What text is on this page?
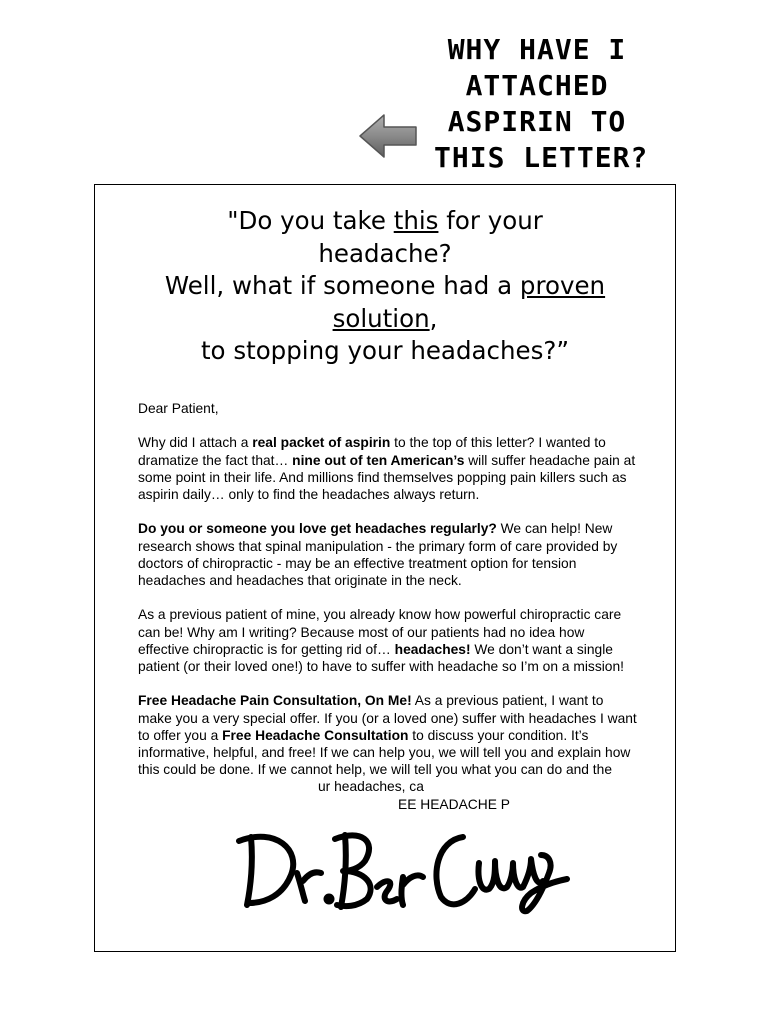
WHY HAVE I
ATTACHED
ASPIRIN TO
THIS LETTER?
"Do you take this for your
headache?
Well, what if someone had a proven
solution,
to stopping your headaches?”

Dear Patient,

Why did I attach a real packet of aspirin to the top of this letter? I wanted to dramatize the fact that… nine out of ten American’s will suffer headache pain at some point in their life. And millions find themselves popping pain killers such as aspirin daily… only to find the headaches always return.

Do you or someone you love get headaches regularly? We can help! New research shows that spinal manipulation - the primary form of care provided by doctors of chiropractic - may be an effective treatment option for tension headaches and headaches that originate in the neck.

As a previous patient of mine, you already know how powerful chiropractic care can be! Why am I writing? Because most of our patients had no idea how effective chiropractic is for getting rid of… headaches! We don’t want a single patient (or their loved one!) to have to suffer with headache so I’m on a mission!

Free Headache Pain Consultation, On Me! As a previous patient, I want to make you a very special offer. If you (or a loved one) suffer with headaches I want to offer you a Free Headache Consultation to discuss your condition. It’s informative, helpful, and free! If we can help you, we will tell you and explain how this could be done. If we cannot help, we will tell you what you can do and the ur headaches, ca EE HEADACHE P
